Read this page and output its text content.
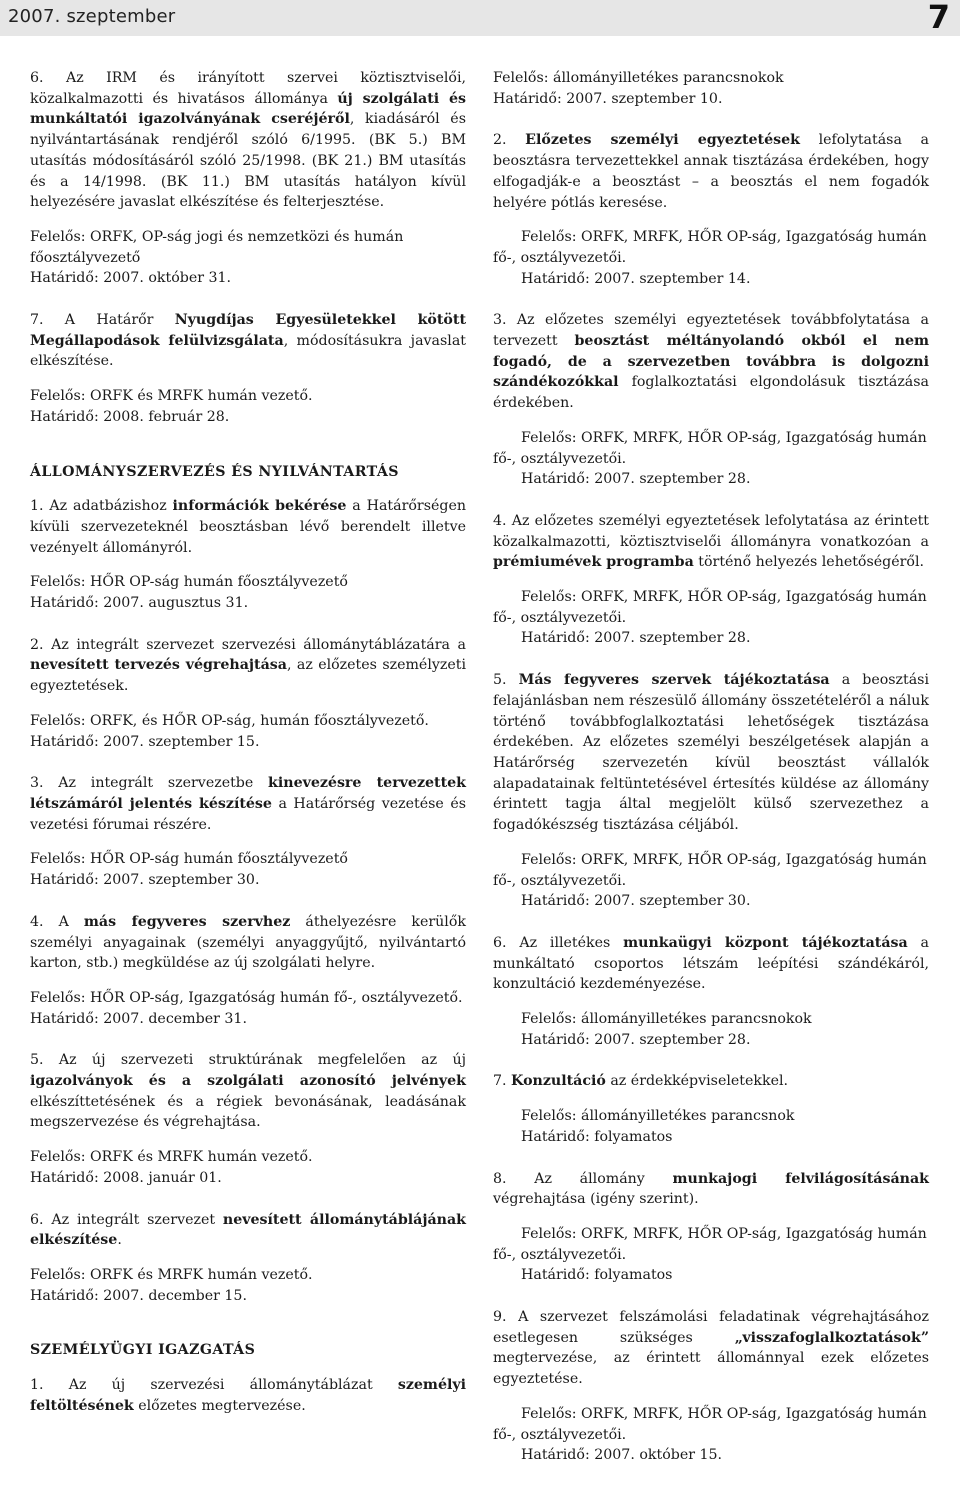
2007. szeptember	7

6. Az IRM és irányított szervei köztisztviselői, közalkalmazotti és hivatásos állománya új szolgálati és munkáltatói igazolványának cseréjéről, kiadásáról és nyilvántartásának rendjéről szóló 6/1995. (BK 5.) BM utasítás módosításáról szóló 25/1998. (BK 21.) BM utasítás és a 14/1998. (BK 11.) BM utasítás hatályon kívül helyezésére javaslat elkészítése és felterjesztése.

Felelős: ORFK, OP-ság jogi és nemzetközi és humán főosztályvezető
Határidő: 2007. október 31.

7. A Határőr Nyugdíjas Egyesületekkel kötött Megállapodások felülvizsgálata, módosításukra javaslat elkészítése.

Felelős: ORFK és MRFK humán vezető.
Határidő: 2008. február 28.
ÁLLOMÁNYSZERVEZÉS ÉS NYILVÁNTARTÁS

1. Az adatbázishoz információk bekérése a Határőrségen kívüli szervezeteknél beosztásban lévő berendelt illetve vezényelt állományról.

Felelős: HŐR OP-ság humán főosztályvezető
Határidő: 2007. augusztus 31.

2. Az integrált szervezet szervezési állománytáblázatára a nevesített tervezés végrehajtása, az előzetes személyzeti egyeztetések.

Felelős: ORFK, és HŐR OP-ság, humán főosztályvezető.
Határidő: 2007. szeptember 15.

3. Az integrált szervezetbe kinevezésre tervezettek létszámáról jelentés készítése a Határőrség vezetése és vezetési fórumai részére.

Felelős: HŐR OP-ság humán főosztályvezető
Határidő: 2007. szeptember 30.

4. A más fegyveres szervhez áthelyezésre kerülők személyi anyagainak (személyi anyaggyűjtő, nyilvántartó karton, stb.) megküldése az új szolgálati helyre.

Felelős: HŐR OP-ság, Igazgatóság humán fő-, osztályvezető.
Határidő: 2007. december 31.

5. Az új szervezeti struktúrának megfelelően az új igazolványok és a szolgálati azonosító jelvények elkészíttetésének és a régiek bevonásának, leadásának megszervezése és végrehajtása.

Felelős: ORFK és MRFK humán vezető.
Határidő: 2008. január 01.

6. Az integrált szervezet nevesített állománytáblájának elkészítése.

Felelős: ORFK és MRFK humán vezető.
Határidő: 2007. december 15.
SZEMÉLYÜGYI IGAZGATÁS

1. Az új szervezési állománytáblázat személyi feltöltésének előzetes megtervezése.

Felelős: állományilletékes parancsnokok
Határidő: 2007. szeptember 10.

2. Előzetes személyi egyeztetések lefolytatása a beosztásra tervezettekkel annak tisztázása érdekében, hogy elfogadják-e a beosztást – a beosztás el nem fogadók helyére pótlás keresése.

Felelős: ORFK, MRFK, HŐR OP-ság, Igazgatóság humán
fő-, osztályvezetői.
Határidő: 2007. szeptember 14.

3. Az előzetes személyi egyeztetések továbbfolytatása a tervezett beosztást méltányolandó okból el nem fogadó, de a szervezetben továbbra is dolgozni szándékozókkal foglalkoztatási elgondolásuk tisztázása érdekében.

Felelős: ORFK, MRFK, HŐR OP-ság, Igazgatóság humán
fő-, osztályvezetői.
Határidő: 2007. szeptember 28.

4. Az előzetes személyi egyeztetések lefolytatása az érintett közalkalmazotti, köztisztviselői állományra vonatkozóan a prémiumévek programba történő helyezés lehetőségéről.

Felelős: ORFK, MRFK, HŐR OP-ság, Igazgatóság humán
fő-, osztályvezetői.
Határidő: 2007. szeptember 28.

5. Más fegyveres szervek tájékoztatása a beosztási felajánlásban nem részesülő állomány összetételéről a náluk történő továbbfoglalkoztatási lehetőségek tisztázása érdekében. Az előzetes személyi beszélgetések alapján a Határőrség szervezetén kívül beosztást vállalók alapadatainak feltüntetésével értesítés küldése az állomány érintett tagja által megjelölt külső szervezethez a fogadókészség tisztázása céljából.

Felelős: ORFK, MRFK, HŐR OP-ság, Igazgatóság humán
fő-, osztályvezetői.
Határidő: 2007. szeptember 30.

6. Az illetékes munkaügyi központ tájékoztatása a munkáltató csoportos létszám leépítési szándékáról, konzultáció kezdeményezése.

Felelős: állományilletékes parancsnokok
Határidő: 2007. szeptember 28.

7. Konzultáció az érdekképviseletekkel.

Felelős: állományilletékes parancsnok
Határidő: folyamatos

8. Az állomány munkajogi felvilágosításának végrehajtása (igény szerint).

Felelős: ORFK, MRFK, HŐR OP-ság, Igazgatóság humán
fő-, osztályvezetői.
Határidő: folyamatos

9. A szervezet felszámolási feladatinak végrehajtásához esetlegesen szükséges „visszafoglalkoztatások” megtervezése, az érintett állománnyal ezek előzetes egyeztetése.

Felelős: ORFK, MRFK, HŐR OP-ság, Igazgatóság humán
fő-, osztályvezetői.
Határidő: 2007. október 15.
